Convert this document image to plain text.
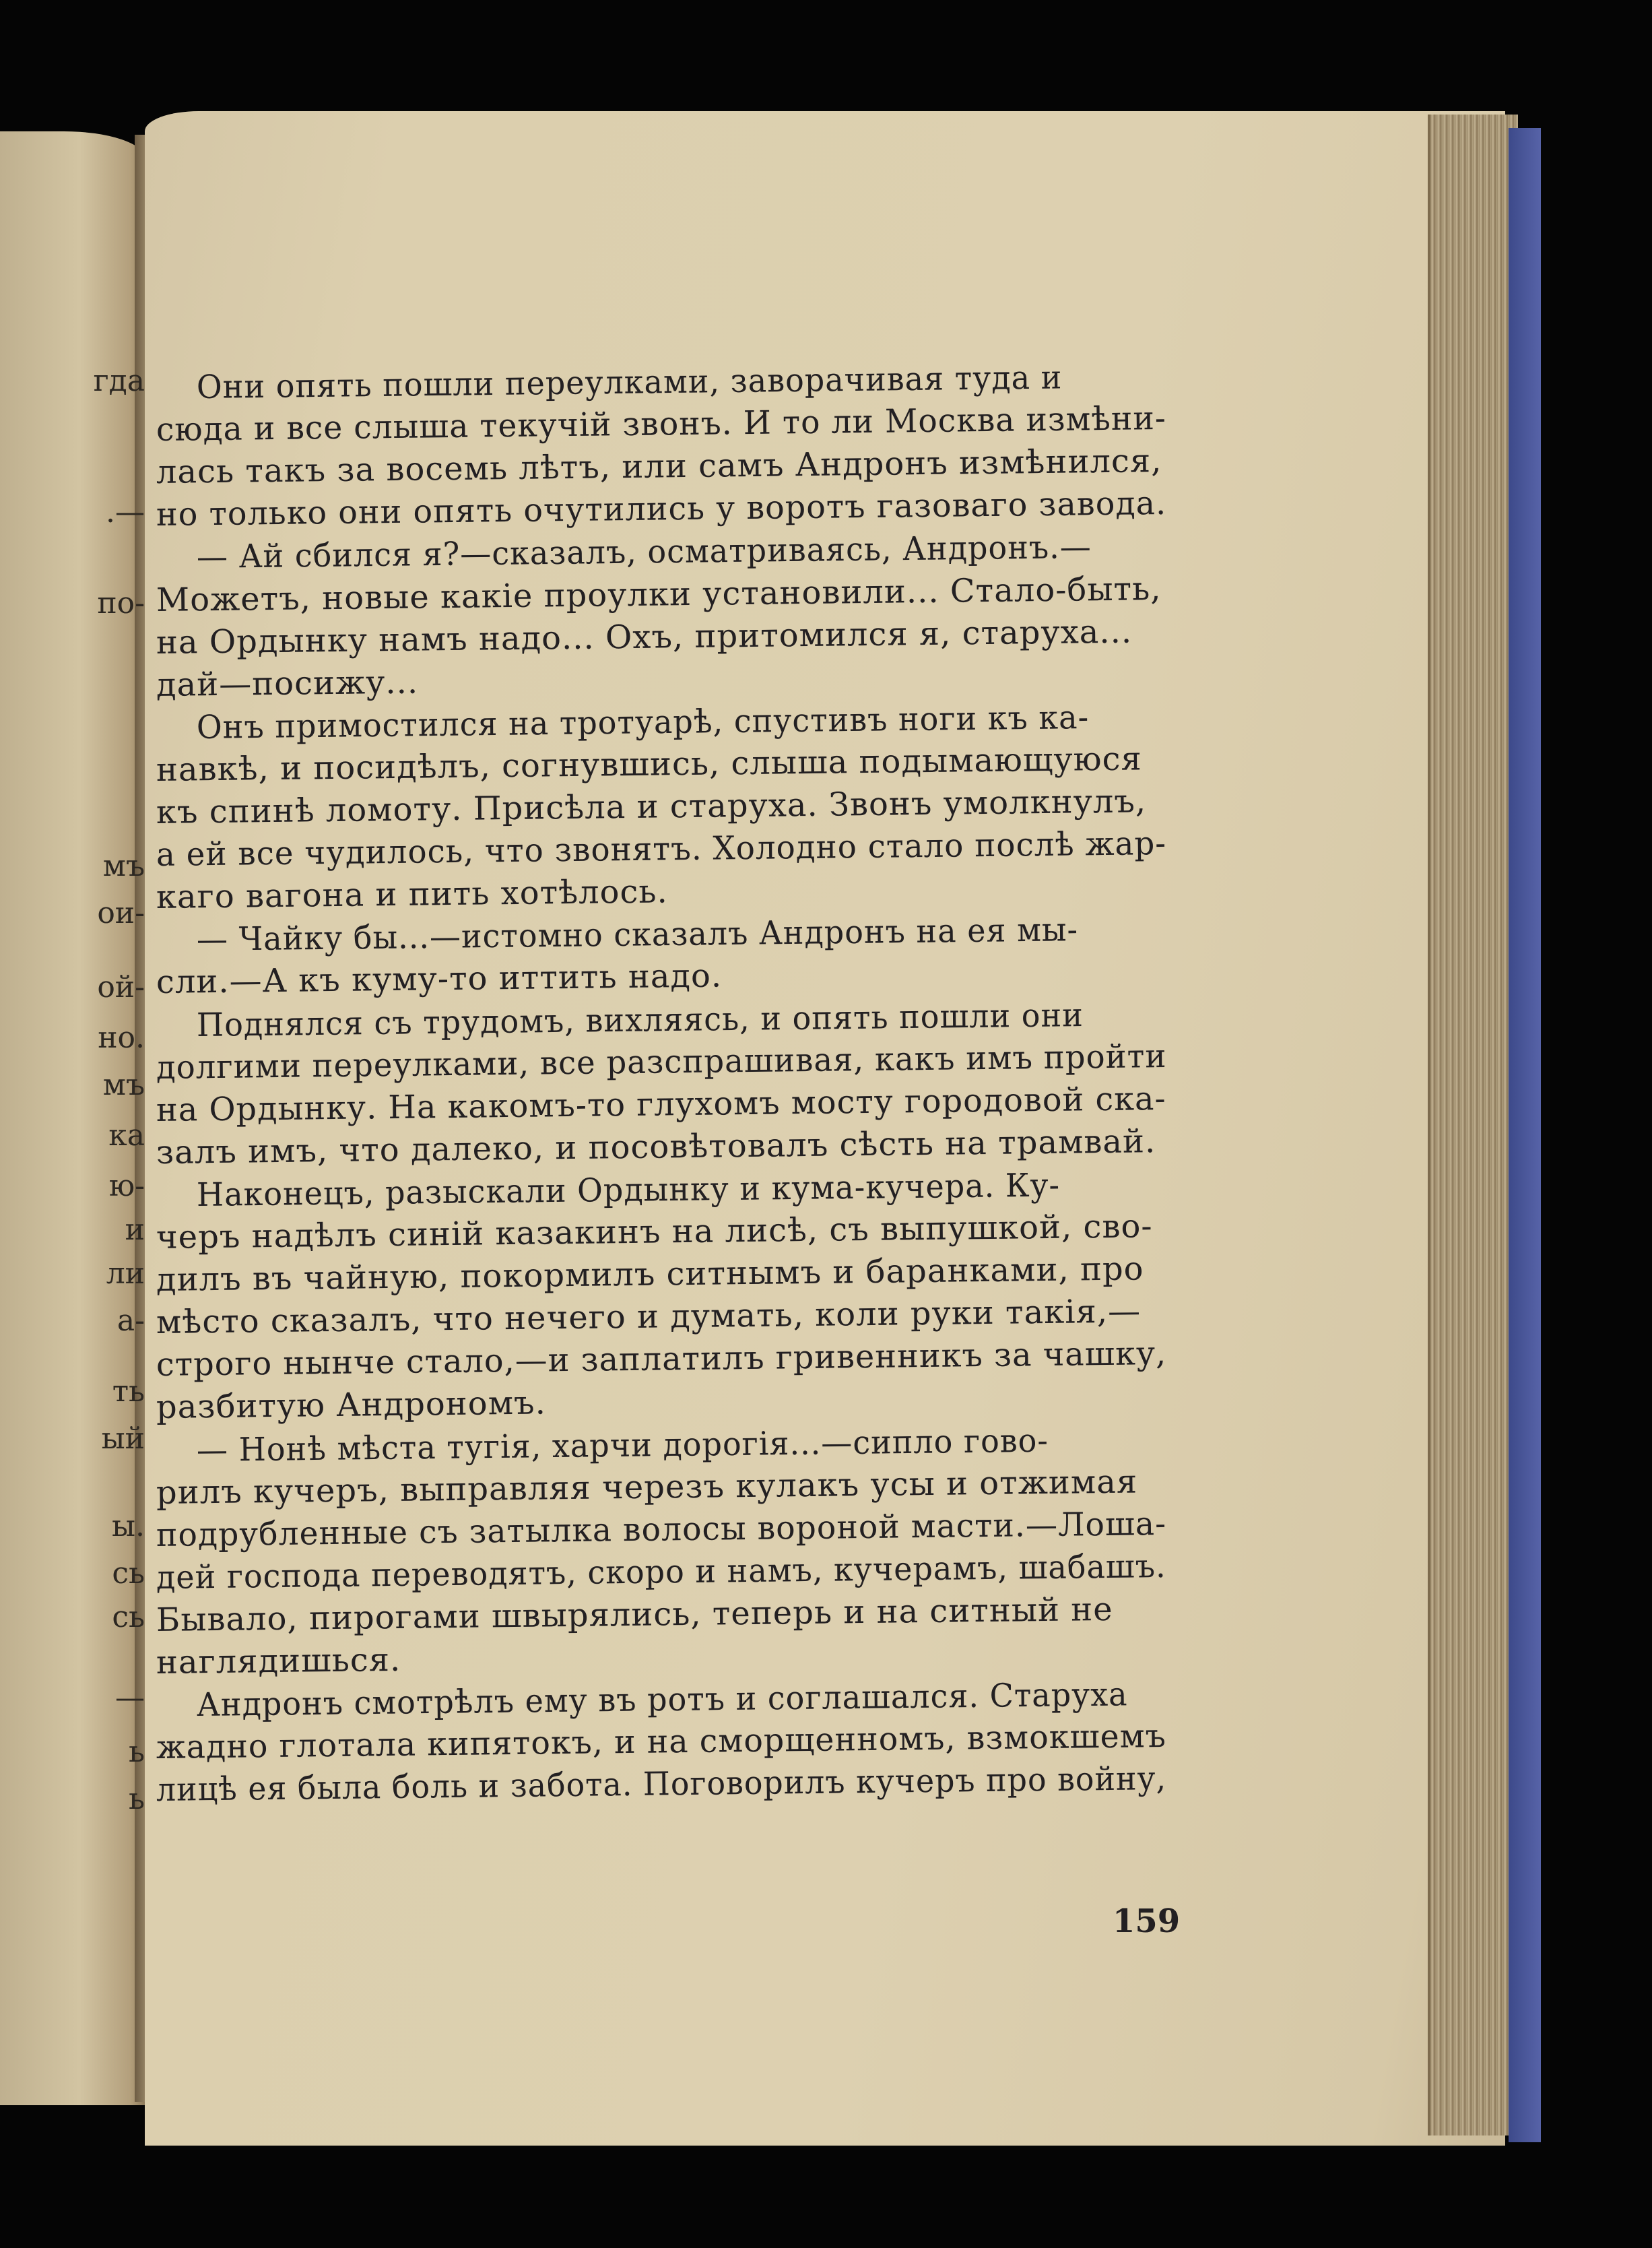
гда
.—
по-
мъ
ои-
ой-
но.
мъ
ка
ю-
и
ли
а-
ть
ый
ы.
сь
сь
—
ь
ь
Они опять пошли переулками, заворачивая туда и
сюда и все слыша текучій звонъ. И то ли Москва измѣни-
лась такъ за восемь лѣтъ, или самъ Андронъ измѣнился,
но только они опять очутились у воротъ газоваго завода.
— Ай сбился я?—сказалъ, осматриваясь, Андронъ.—
Можетъ, новые какіе проулки установили... Стало-быть,
на Ордынку намъ надо... Охъ, притомился я, старуха...
дай—посижу...
Онъ примостился на тротуарѣ, спустивъ ноги къ ка-
навкѣ, и посидѣлъ, согнувшись, слыша подымающуюся
къ спинѣ ломоту. Присѣла и старуха. Звонъ умолкнулъ,
а ей все чудилось, что звонятъ. Холодно стало послѣ жар-
каго вагона и пить хотѣлось.
— Чайку бы...—истомно сказалъ Андронъ на ея мы-
сли.—А къ куму-то иттить надо.
Поднялся съ трудомъ, вихляясь, и опять пошли они
долгими переулками, все разспрашивая, какъ имъ пройти
на Ордынку. На какомъ-то глухомъ мосту городовой ска-
залъ имъ, что далеко, и посовѣтовалъ сѣсть на трамвай.
Наконецъ, разыскали Ордынку и кума-кучера. Ку-
черъ надѣлъ синій казакинъ на лисѣ, съ выпушкой, сво-
дилъ въ чайную, покормилъ ситнымъ и баранками, про
мѣсто сказалъ, что нечего и думать, коли руки такія,—
строго нынче стало,—и заплатилъ гривенникъ за чашку,
разбитую Андрономъ.
— Нонѣ мѣста тугія, харчи дорогія...—сипло гово-
рилъ кучеръ, выправляя черезъ кулакъ усы и отжимая
подрубленные съ затылка волосы вороной масти.—Лоша-
дей господа переводятъ, скоро и намъ, кучерамъ, шабашъ.
Бывало, пирогами швырялись, теперь и на ситный не
наглядишься.
Андронъ смотрѣлъ ему въ ротъ и соглашался. Старуха
жадно глотала кипятокъ, и на сморщенномъ, взмокшемъ
лицѣ ея была боль и забота. Поговорилъ кучеръ про войну,
159
